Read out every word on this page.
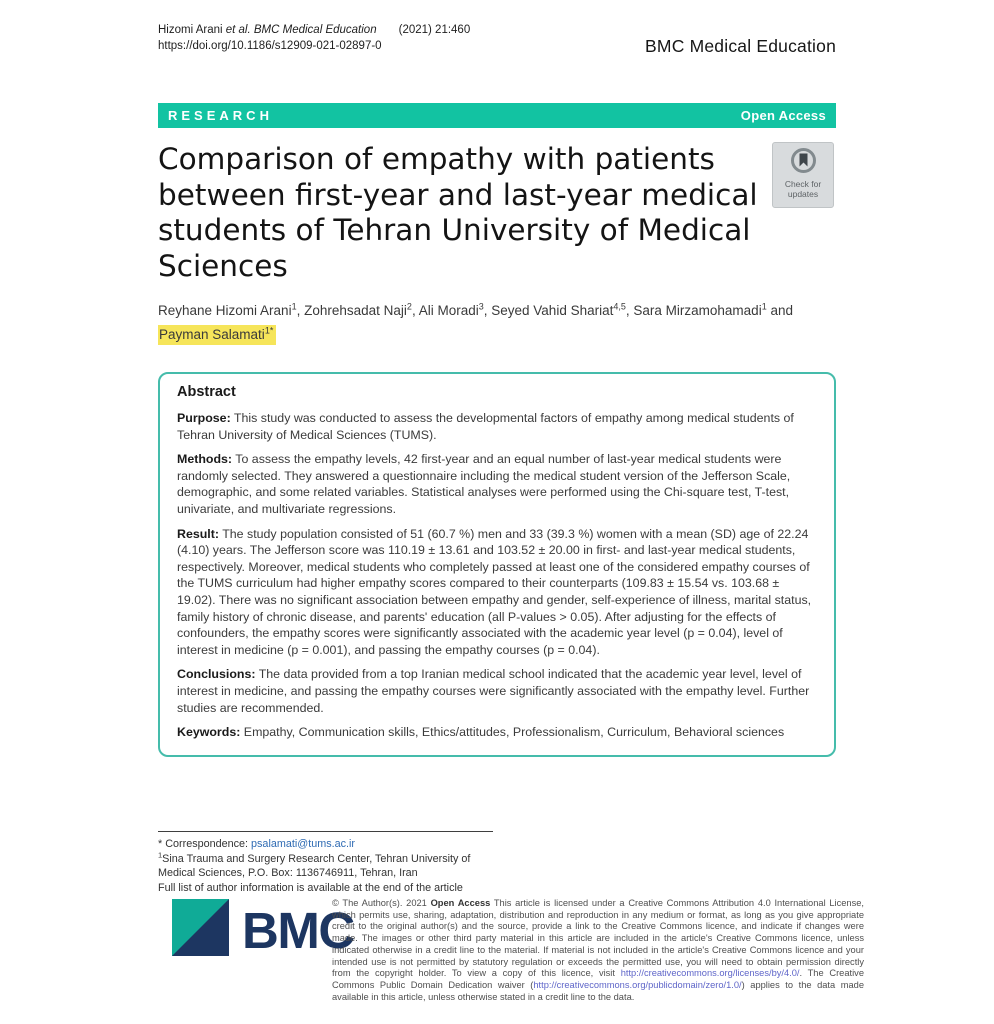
Hizomi Arani et al. BMC Medical Education (2021) 21:460
https://doi.org/10.1186/s12909-021-02897-0	BMC Medical Education
RESEARCH	Open Access
Comparison of empathy with patients
between first-year and last-year medical
students of Tehran University of Medical
Sciences
Check for
updates
Reyhane Hizomi Arani$^1$, Zohrehsadat Naji$^2$, Ali Moradi$^3$, Seyed Vahid Shariat$^{4,5}$, Sara Mirzamohamadi$^1$ and
Payman Salamati$^{1*}$
Abstract

Purpose: This study was conducted to assess the developmental factors of empathy among medical students of Tehran University of Medical Sciences (TUMS).

Methods: To assess the empathy levels, 42 first-year and an equal number of last-year medical students were randomly selected. They answered a questionnaire including the medical student version of the Jefferson Scale, demographic, and some related variables. Statistical analyses were performed using the Chi-square test, T-test, univariate, and multivariate regressions.

Result: The study population consisted of 51 (60.7 %) men and 33 (39.3 %) women with a mean (SD) age of 22.24 (4.10) years. The Jefferson score was 110.19 ± 13.61 and 103.52 ± 20.00 in first- and last-year medical students, respectively. Moreover, medical students who completely passed at least one of the considered empathy courses of the TUMS curriculum had higher empathy scores compared to their counterparts (109.83 ± 15.54 vs. 103.68 ± 19.02). There was no significant association between empathy and gender, self-experience of illness, marital status, family history of chronic disease, and parents' education (all P-values > 0.05). After adjusting for the effects of confounders, the empathy scores were significantly associated with the academic year level (p = 0.04), level of interest in medicine (p = 0.001), and passing the empathy courses (p = 0.04).

Conclusions: The data provided from a top Iranian medical school indicated that the academic year level, level of interest in medicine, and passing the empathy courses were significantly associated with the empathy level. Further studies are recommended.

Keywords: Empathy, Communication skills, Ethics/attitudes, Professionalism, Curriculum, Behavioral sciences

* Correspondence: psalamati@tums.ac.ir
$^1$Sina Trauma and Surgery Research Center, Tehran University of Medical Sciences, P.O. Box: 1136746911, Tehran, Iran
Full list of author information is available at the end of the article
BMC

© The Author(s). 2021 Open Access This article is licensed under a Creative Commons Attribution 4.0 International License, which permits use, sharing, adaptation, distribution and reproduction in any medium or format, as long as you give appropriate credit to the original author(s) and the source, provide a link to the Creative Commons licence, and indicate if changes were made. The images or other third party material in this article are included in the article's Creative Commons licence, unless indicated otherwise in a credit line to the material. If material is not included in the article's Creative Commons licence and your intended use is not permitted by statutory regulation or exceeds the permitted use, you will need to obtain permission directly from the copyright holder. To view a copy of this licence, visit http://creativecommons.org/licenses/by/4.0/. The Creative Commons Public Domain Dedication waiver (http://creativecommons.org/publicdomain/zero/1.0/) applies to the data made available in this article, unless otherwise stated in a credit line to the data.
